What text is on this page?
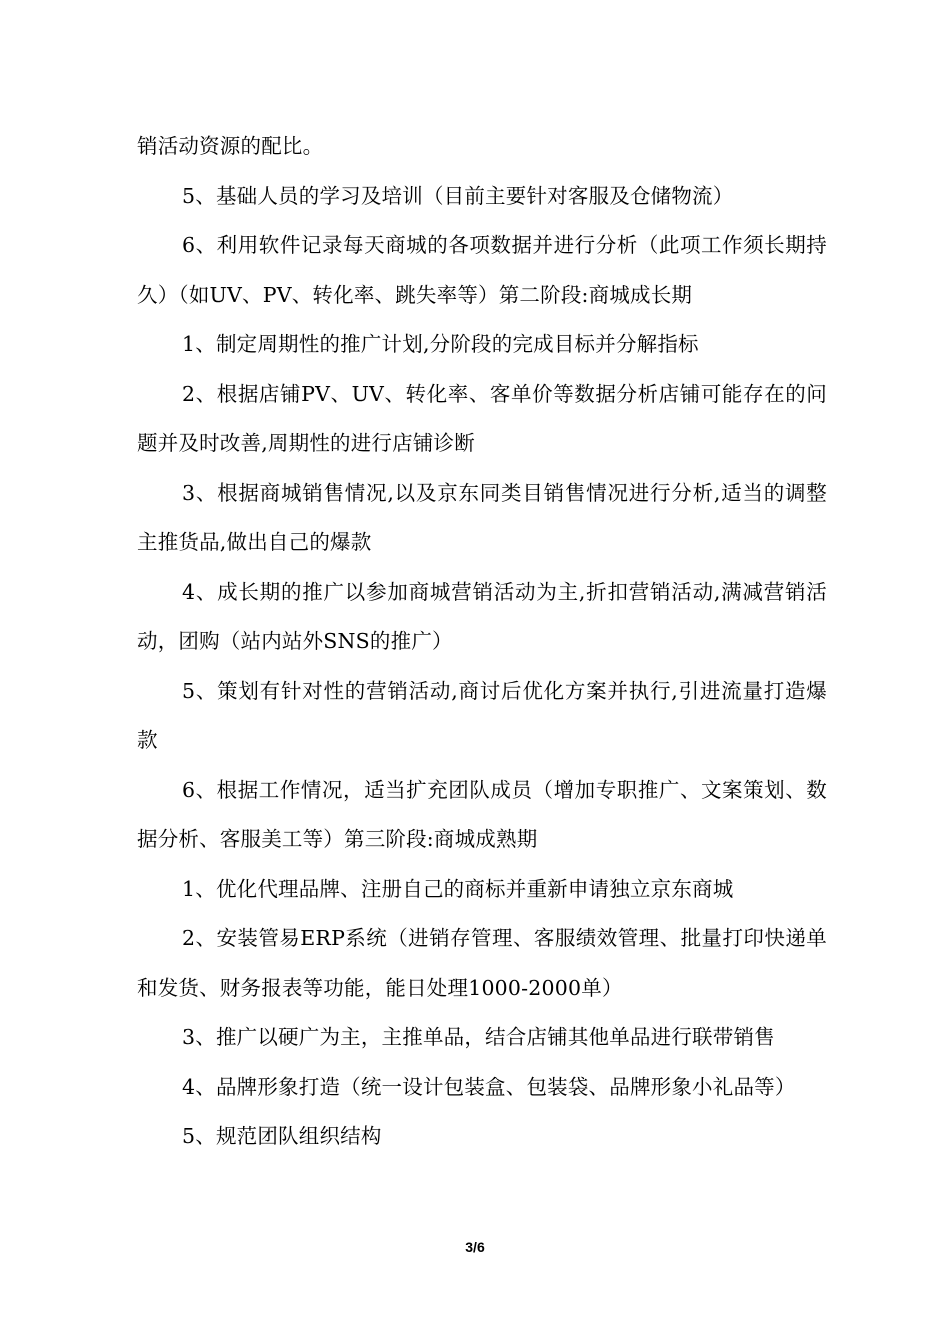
销活动资源的配比。

5、基础人员的学习及培训（目前主要针对客服及仓储物流）

6、利用软件记录每天商城的各项数据并进行分析（此项工作须长期持久）（如UV、PV、转化率、跳失率等）第二阶段:商城成长期

1、制定周期性的推广计划,分阶段的完成目标并分解指标

2、根据店铺PV、UV、转化率、客单价等数据分析店铺可能存在的问题并及时改善,周期性的进行店铺诊断

3、根据商城销售情况,以及京东同类目销售情况进行分析,适当的调整主推货品,做出自己的爆款

4、成长期的推广以参加商城营销活动为主,折扣营销活动,满减营销活动，团购（站内站外SNS的推广）

5、策划有针对性的营销活动,商讨后优化方案并执行,引进流量打造爆款

6、根据工作情况，适当扩充团队成员（增加专职推广、文案策划、数据分析、客服美工等）第三阶段:商城成熟期

1、优化代理品牌、注册自己的商标并重新申请独立京东商城

2、安装管易ERP系统（进销存管理、客服绩效管理、批量打印快递单和发货、财务报表等功能，能日处理1000-2000单）

3、推广以硬广为主，主推单品，结合店铺其他单品进行联带销售

4、品牌形象打造（统一设计包装盒、包装袋、品牌形象小礼品等）

5、规范团队组织结构

3/6
